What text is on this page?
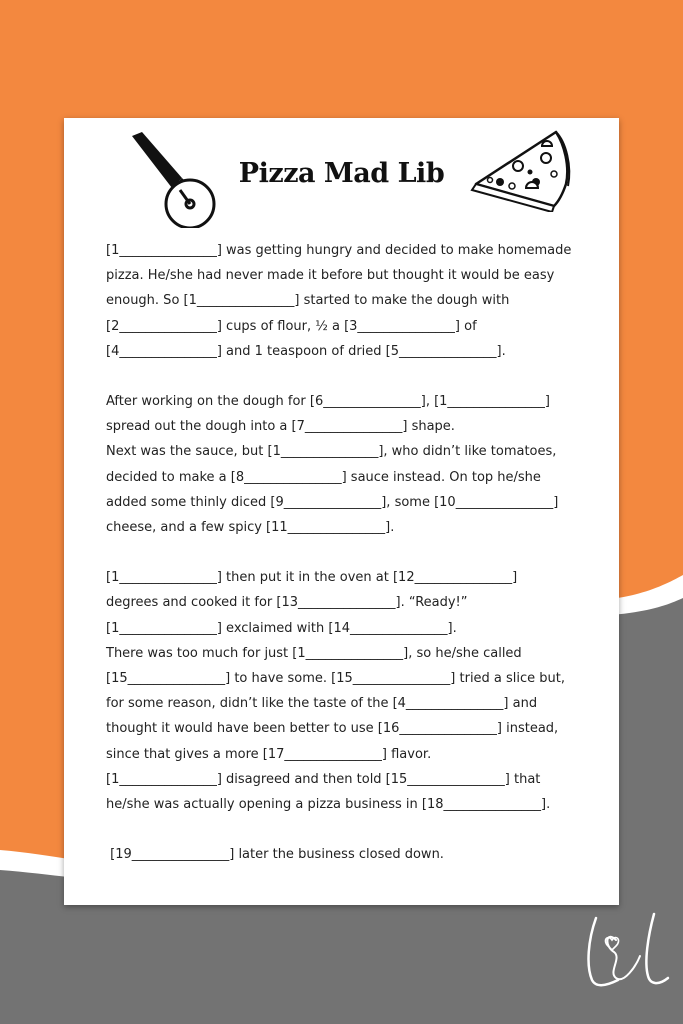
Pizza Mad Lib

[1_______________] was getting hungry and decided to make homemade
pizza. He/she had never made it before but thought it would be easy
enough. So [1_______________] started to make the dough with
[2_______________] cups of flour, ½ a [3_______________] of
[4_______________] and 1 teaspoon of dried [5_______________].

After working on the dough for [6_______________], [1_______________]
spread out the dough into a [7_______________] shape.
Next was the sauce, but [1_______________], who didn’t like tomatoes,
decided to make a [8_______________] sauce instead. On top he/she
added some thinly diced [9_______________], some [10_______________]
cheese, and a few spicy [11_______________].

[1_______________] then put it in the oven at [12_______________]
degrees and cooked it for [13_______________]. “Ready!”
[1_______________] exclaimed with [14_______________].
There was too much for just [1_______________], so he/she called
[15_______________] to have some. [15_______________] tried a slice but,
for some reason, didn’t like the taste of the [4_______________] and
thought it would have been better to use [16_______________] instead,
since that gives a more [17_______________] flavor.
[1_______________] disagreed and then told [15_______________] that
he/she was actually opening a pizza business in [18_______________].

[19_______________] later the business closed down.
